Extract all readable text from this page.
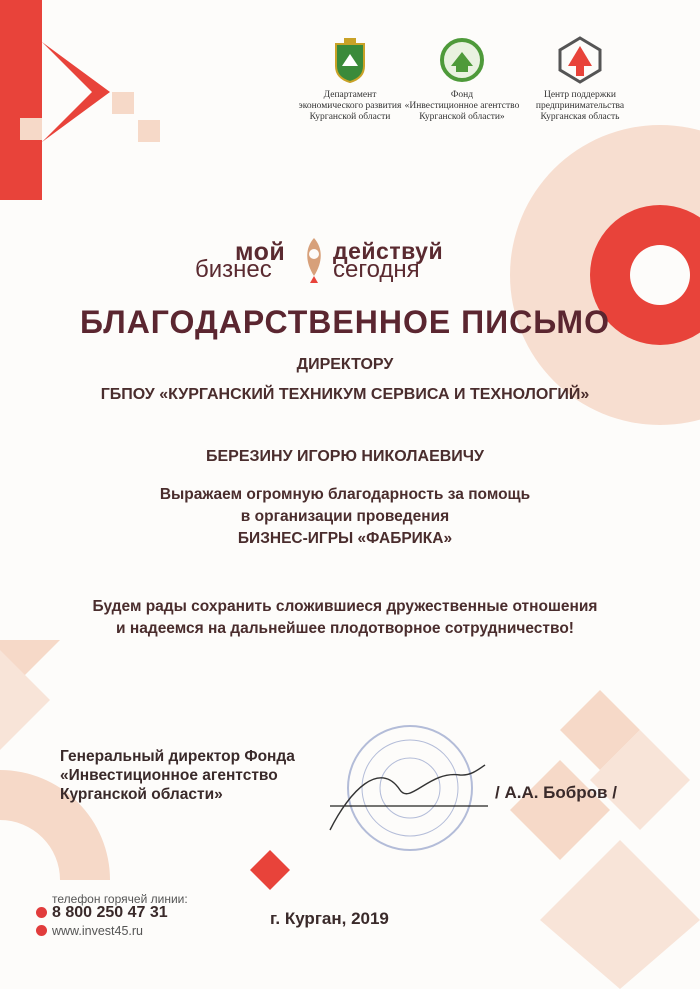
Департамент
экономического развития
Курганской области
Фонд
«Инвестиционное агентство
Курганской области»
Центр поддержки
предпринимательства
Курганская область
мой
бизнес
действуй
сегодня
БЛАГОДАРСТВЕННОЕ ПИСЬМО
ДИРЕКТОРУ
ГБПОУ «КУРГАНСКИЙ ТЕХНИКУМ СЕРВИСА И ТЕХНОЛОГИЙ»
БЕРЕЗИНУ ИГОРЮ НИКОЛАЕВИЧУ
Выражаем огромную благодарность за помощь
в организации проведения
БИЗНЕС-ИГРЫ «ФАБРИКА»
Будем рады сохранить сложившиеся дружественные отношения
и надеемся на дальнейшее плодотворное сотрудничество!
Генеральный директор Фонда
«Инвестиционное агентство
Курганской области»	/ А.А. Бобров /
телефон горячей линии:
8 800 250 47 31
www.invest45.ru
г. Курган, 2019
